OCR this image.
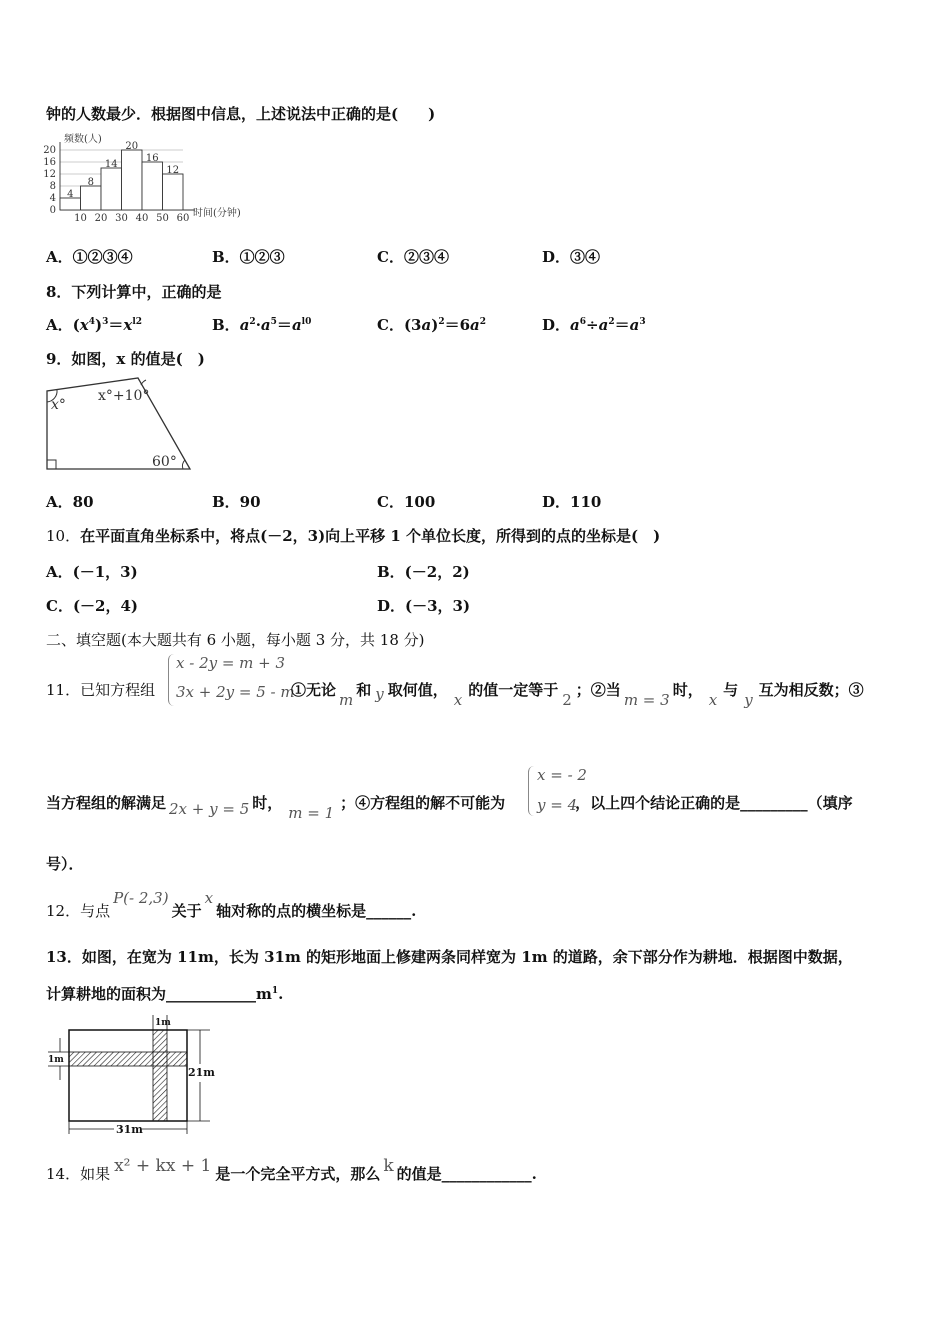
钟的人数最少．根据图中信息，上述说法中正确的是(　　)
0
4
8
12
16
20
频数(人)
时间(分钟)
10 20 30 40 50 60
4
8
14
20
16
12
A．①②③④	B．①②③	C．②③④	D．③④
8．下列计算中，正确的是
A．$(x^4)^3=x^{l2}$	B．$a^2\cdot a^5=a^{l0}$	C．$(3a)^2=6a^2$	D．$a^6\div a^2=a^3$
9．如图，x 的值是(　)
x°
x°+10°
60°
A．80	B．90	C．100	D．110
10．在平面直角坐标系中，将点(－2，3)向上平移 1 个单位长度，所得到的点的坐标是(　)
A．(－1，3)	B．(－2，2)
C．(－2，4)	D．(－3，3)
二、填空题(本大题共有 6 小题，每小题 3 分，共 18 分)
11．已知方程组
x - 2y = m + 3
3x + 2y = 5 - m
①无论m和 y 取何值，x的值一定等于2；②当m = 3时，x与y互为相反数；③
当方程组的解满足 2x + y = 5 时，m = 1；④方程组的解不可能为	，以上四个结论正确的是_________（填序
x = - 2
y = 4
号）．
12．与点P(- 2,3)关于x轴对称的点的横坐标是______.
13．如图，在宽为 11m，长为 31m 的矩形地面上修建两条同样宽为 1m 的道路，余下部分作为耕地．根据图中数据，
计算耕地的面积为$\_\_\_\_\_\_\_\_\_\_\_\_m^1$.
1m
1m
21m
31m
14．如果 x² + kx + 1 是一个完全平方式，那么 k 的值是____________.
